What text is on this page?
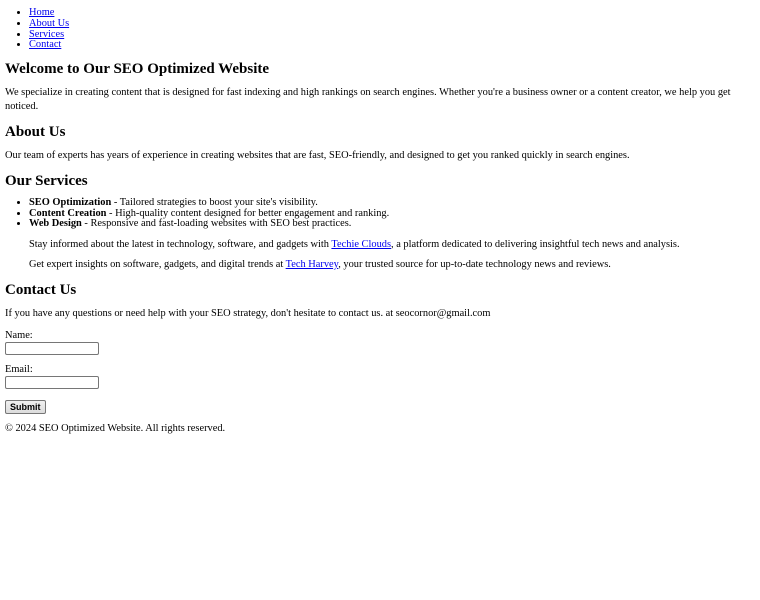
• Home
• About Us
• Services
• Contact
Welcome to Our SEO Optimized Website

We specialize in creating content that is designed for fast indexing and high rankings on search engines. Whether you're a business owner or a content creator, we help you get noticed.

About Us

Our team of experts has years of experience in creating websites that are fast, SEO-friendly, and designed to get you ranked quickly in search engines.

Our Services
• SEO Optimization - Tailored strategies to boost your site's visibility.
• Content Creation - High-quality content designed for better engagement and ranking.
• Web Design - Responsive and fast-loading websites with SEO best practices.

Stay informed about the latest in technology, software, and gadgets with Techie Clouds, a platform dedicated to delivering insightful tech news and analysis.

Get expert insights on software, gadgets, and digital trends at Tech Harvey, your trusted source for up-to-date technology news and reviews.

Contact Us

If you have any questions or need help with your SEO strategy, don't hesitate to contact us. at seocornor@gmail.com

Name:
Email:
Submit
© 2024 SEO Optimized Website. All rights reserved.
